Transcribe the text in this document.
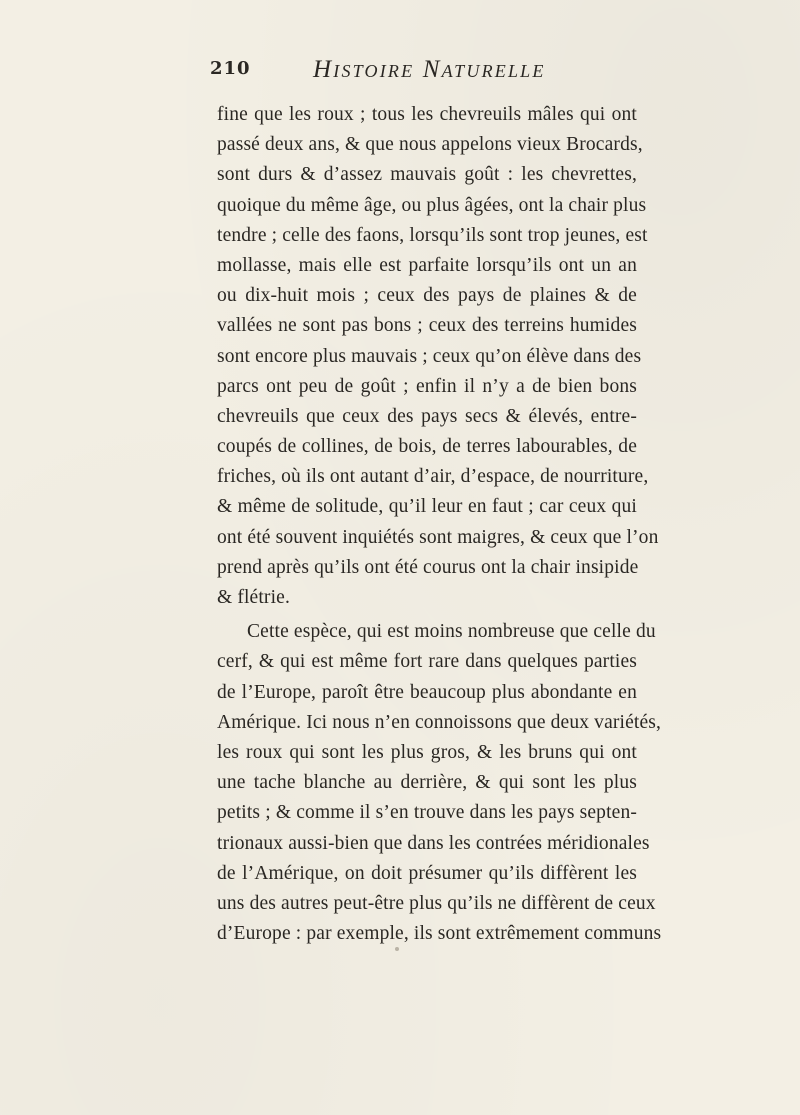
210 Histoire Naturelle
fine que les roux ; tous les chevreuils mâles qui ont
passé deux ans, & que nous appelons vieux Brocards,
sont durs & d’assez mauvais goût : les chevrettes,
quoique du même âge, ou plus âgées, ont la chair plus
tendre ; celle des faons, lorsqu’ils sont trop jeunes, est
mollasse, mais elle est parfaite lorsqu’ils ont un an
ou dix-huit mois ; ceux des pays de plaines & de
vallées ne sont pas bons ; ceux des terreins humides
sont encore plus mauvais ; ceux qu’on élève dans des
parcs ont peu de goût ; enfin il n’y a de bien bons
chevreuils que ceux des pays secs & élevés, entre-
coupés de collines, de bois, de terres labourables, de
friches, où ils ont autant d’air, d’espace, de nourriture,
& même de solitude, qu’il leur en faut ; car ceux qui
ont été souvent inquiétés sont maigres, & ceux que l’on
prend après qu’ils ont été courus ont la chair insipide
& flétrie.
Cette espèce, qui est moins nombreuse que celle du
cerf, & qui est même fort rare dans quelques parties
de l’Europe, paroît être beaucoup plus abondante en
Amérique. Ici nous n’en connoissons que deux variétés,
les roux qui sont les plus gros, & les bruns qui ont
une tache blanche au derrière, & qui sont les plus
petits ; & comme il s’en trouve dans les pays septen-
trionaux aussi-bien que dans les contrées méridionales
de l’Amérique, on doit présumer qu’ils diffèrent les
uns des autres peut-être plus qu’ils ne diffèrent de ceux
d’Europe : par exemple, ils sont extrêmement communs
